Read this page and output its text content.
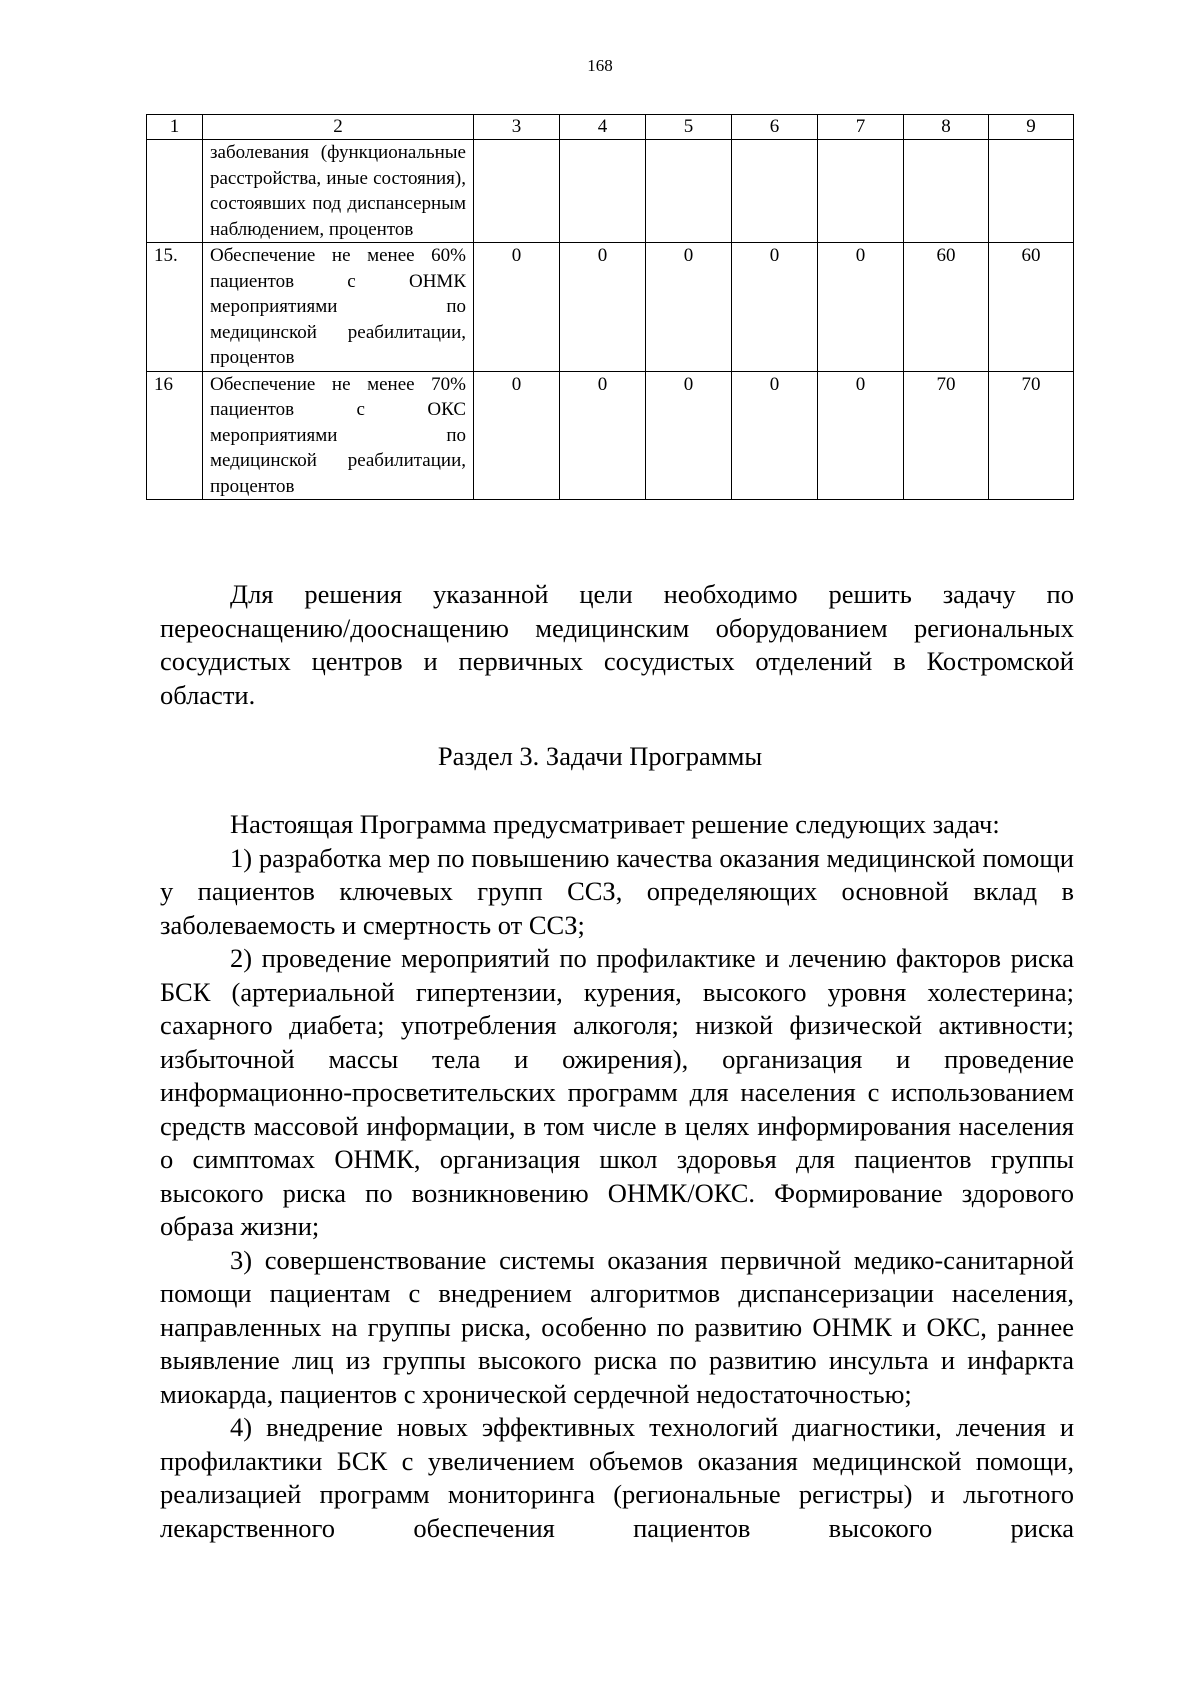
168
1	2	3	4	5	6	7	8	9
	заболевания (функциональные расстройства, иные состояния), состоявших под диспансерным наблюдением, процентов							
15.	Обеспечение не менее 60% пациентов с ОНМК мероприятиями по медицинской реабилитации, процентов	0	0	0	0	0	60	60
16	Обеспечение не менее 70% пациентов с ОКС мероприятиями по медицинской реабилитации, процентов	0	0	0	0	0	70	70

Для решения указанной цели необходимо решить задачу по переоснащению/дооснащению медицинским оборудованием региональных сосудистых центров и первичных сосудистых отделений в Костромской области.

Раздел 3. Задачи Программы

Настоящая Программа предусматривает решение следующих задач:

1) разработка мер по повышению качества оказания медицинской помощи у пациентов ключевых групп ССЗ, определяющих основной вклад в заболеваемость и смертность от ССЗ;

2) проведение мероприятий по профилактике и лечению факторов риска БСК (артериальной гипертензии, курения, высокого уровня холестерина; сахарного диабета; употребления алкоголя; низкой физической активности; избыточной массы тела и ожирения), организация и проведение информационно-просветительских программ для населения с использованием средств массовой информации, в том числе в целях информирования населения о симптомах ОНМК, организация школ здоровья для пациентов группы высокого риска по возникновению ОНМК/ОКС. Формирование здорового образа жизни;

3) совершенствование системы оказания первичной медико-санитарной помощи пациентам с внедрением алгоритмов диспансеризации населения, направленных на группы риска, особенно по развитию ОНМК и ОКС, раннее выявление лиц из группы высокого риска по развитию инсульта и инфаркта миокарда, пациентов с хронической сердечной недостаточностью;

4) внедрение новых эффективных технологий диагностики, лечения и профилактики БСК с увеличением объемов оказания медицинской помощи, реализацией программ мониторинга (региональные регистры) и льготного лекарственного обеспечения пациентов высокого риска
